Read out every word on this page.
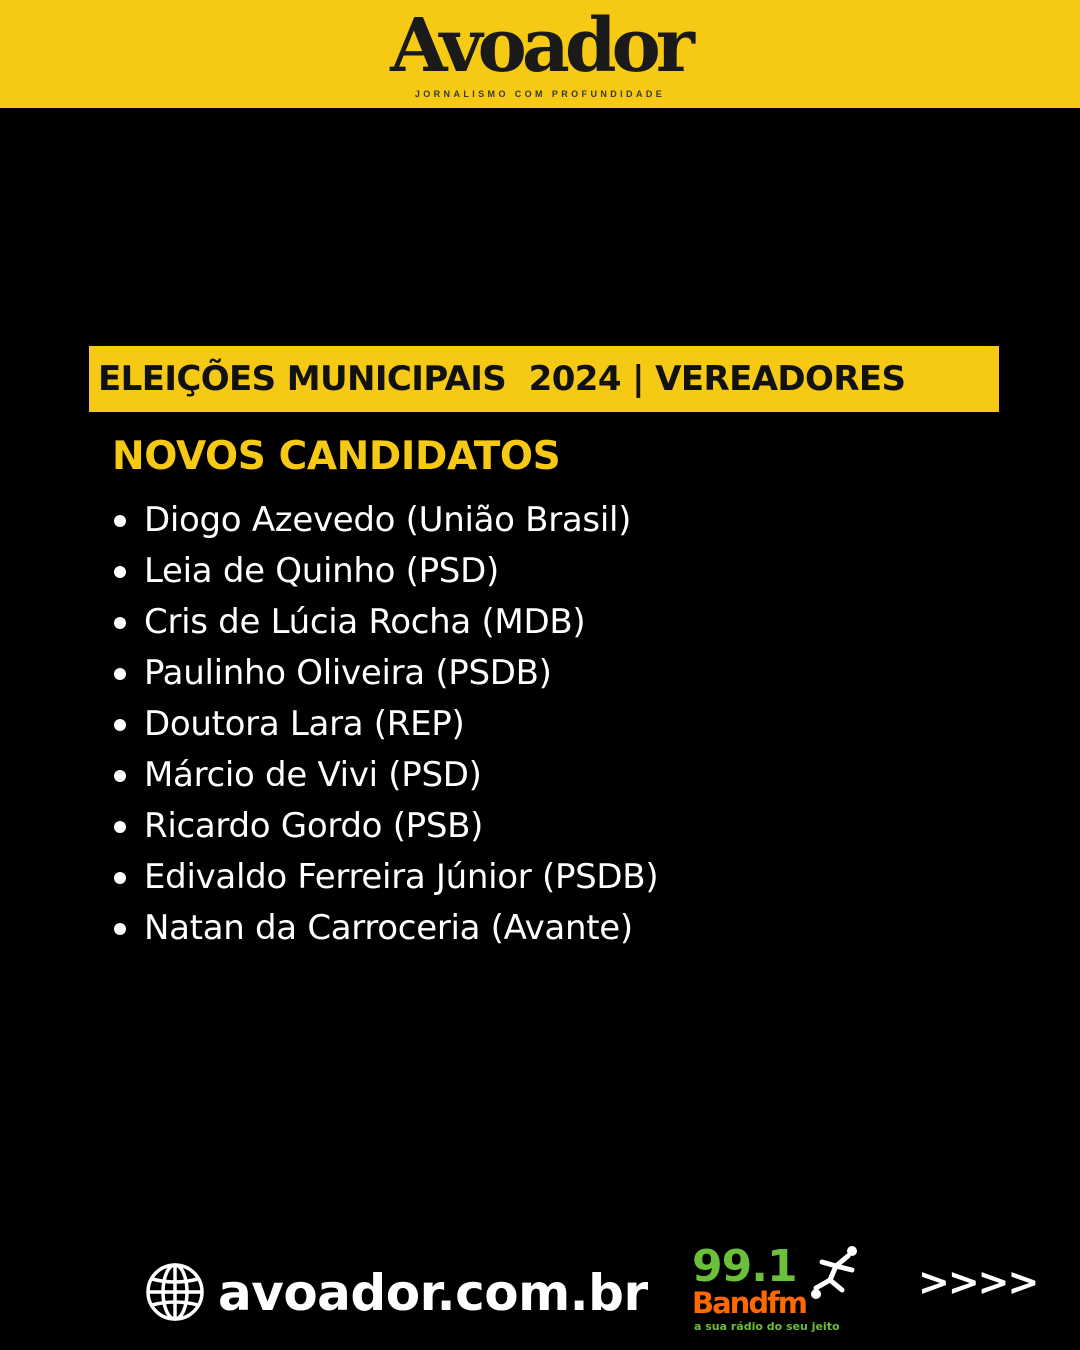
Avoador
JORNALISMO COM PROFUNDIDADE
ELEIÇÕES MUNICIPAIS  2024 | VEREADORES
NOVOS CANDIDATOS
Diogo Azevedo (União Brasil)
Leia de Quinho (PSD)
Cris de Lúcia Rocha (MDB)
Paulinho Oliveira (PSDB)
Doutora Lara (REP)
Márcio de Vivi (PSD)
Ricardo Gordo (PSB)
Edivaldo Ferreira Júnior (PSDB)
Natan da Carroceria (Avante)
avoador.com.br 99.1
Bandfm
a sua rádio do seu jeito
>>>>
